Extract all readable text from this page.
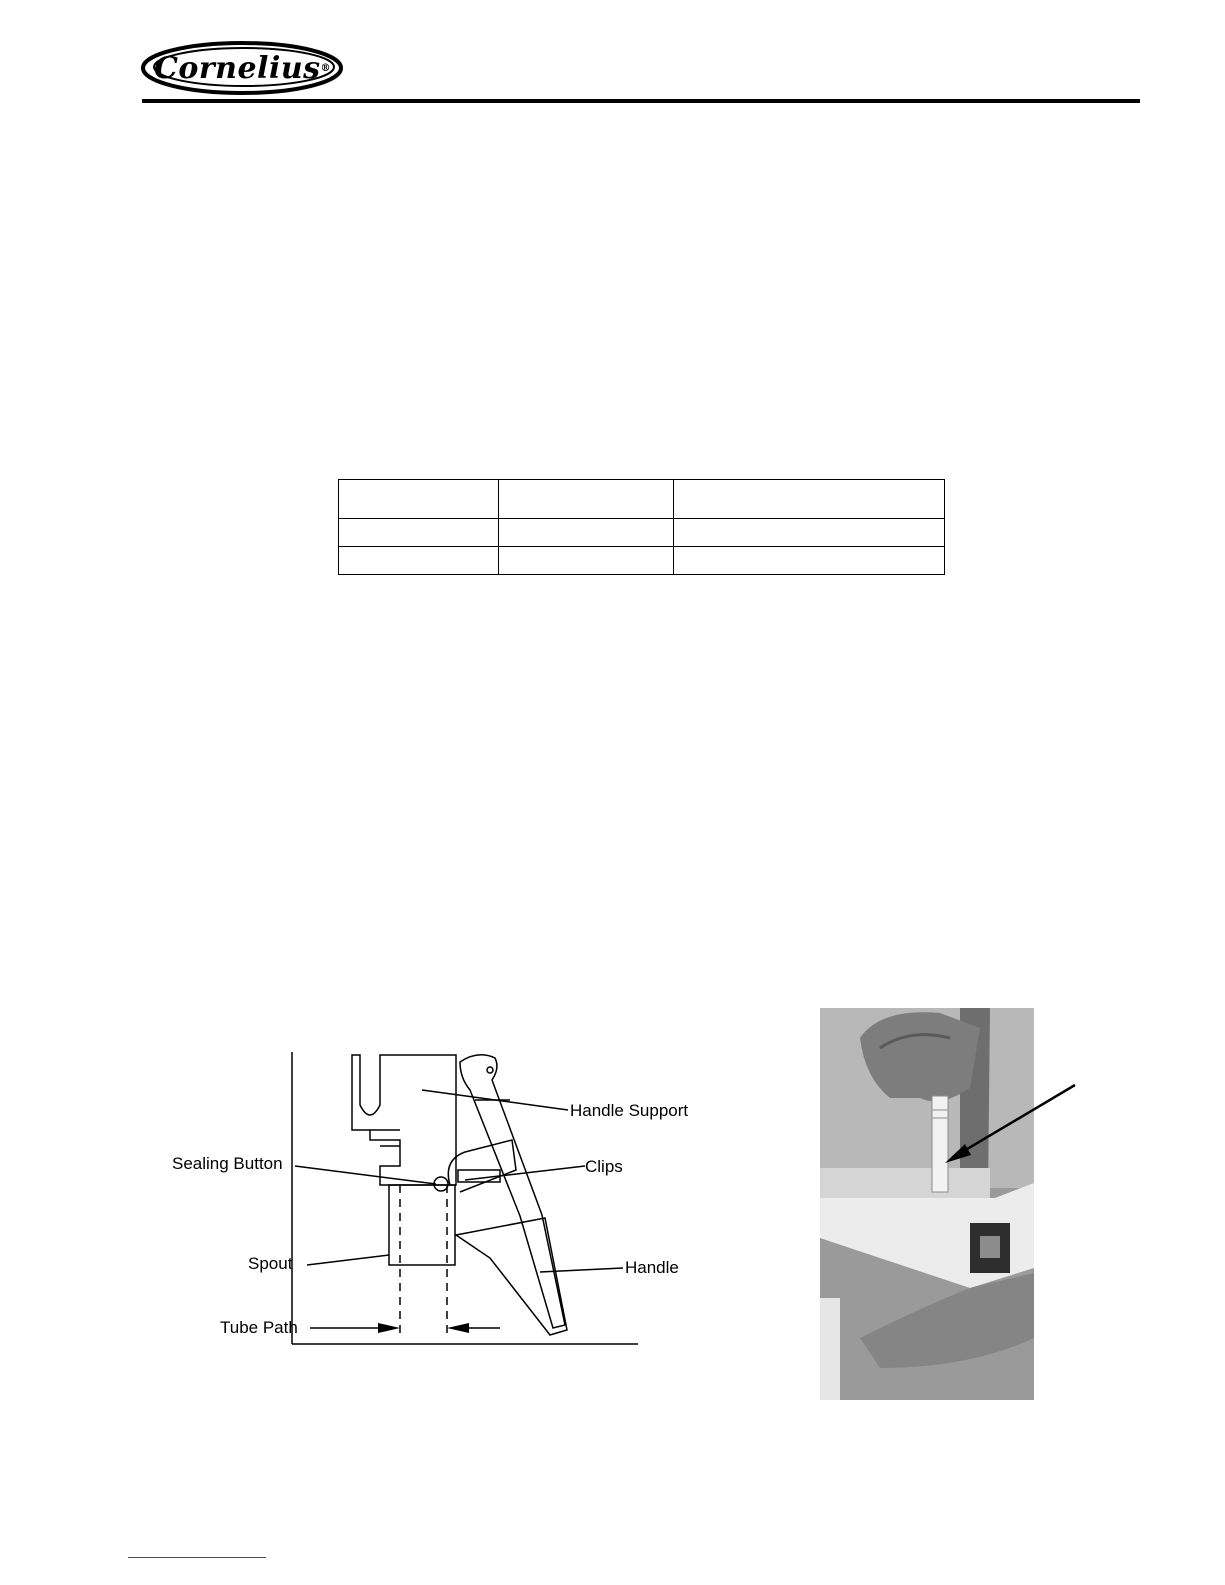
Cornelius ®

Handle Support
Sealing Button	Clips
Spout	Handle
Tube Path
